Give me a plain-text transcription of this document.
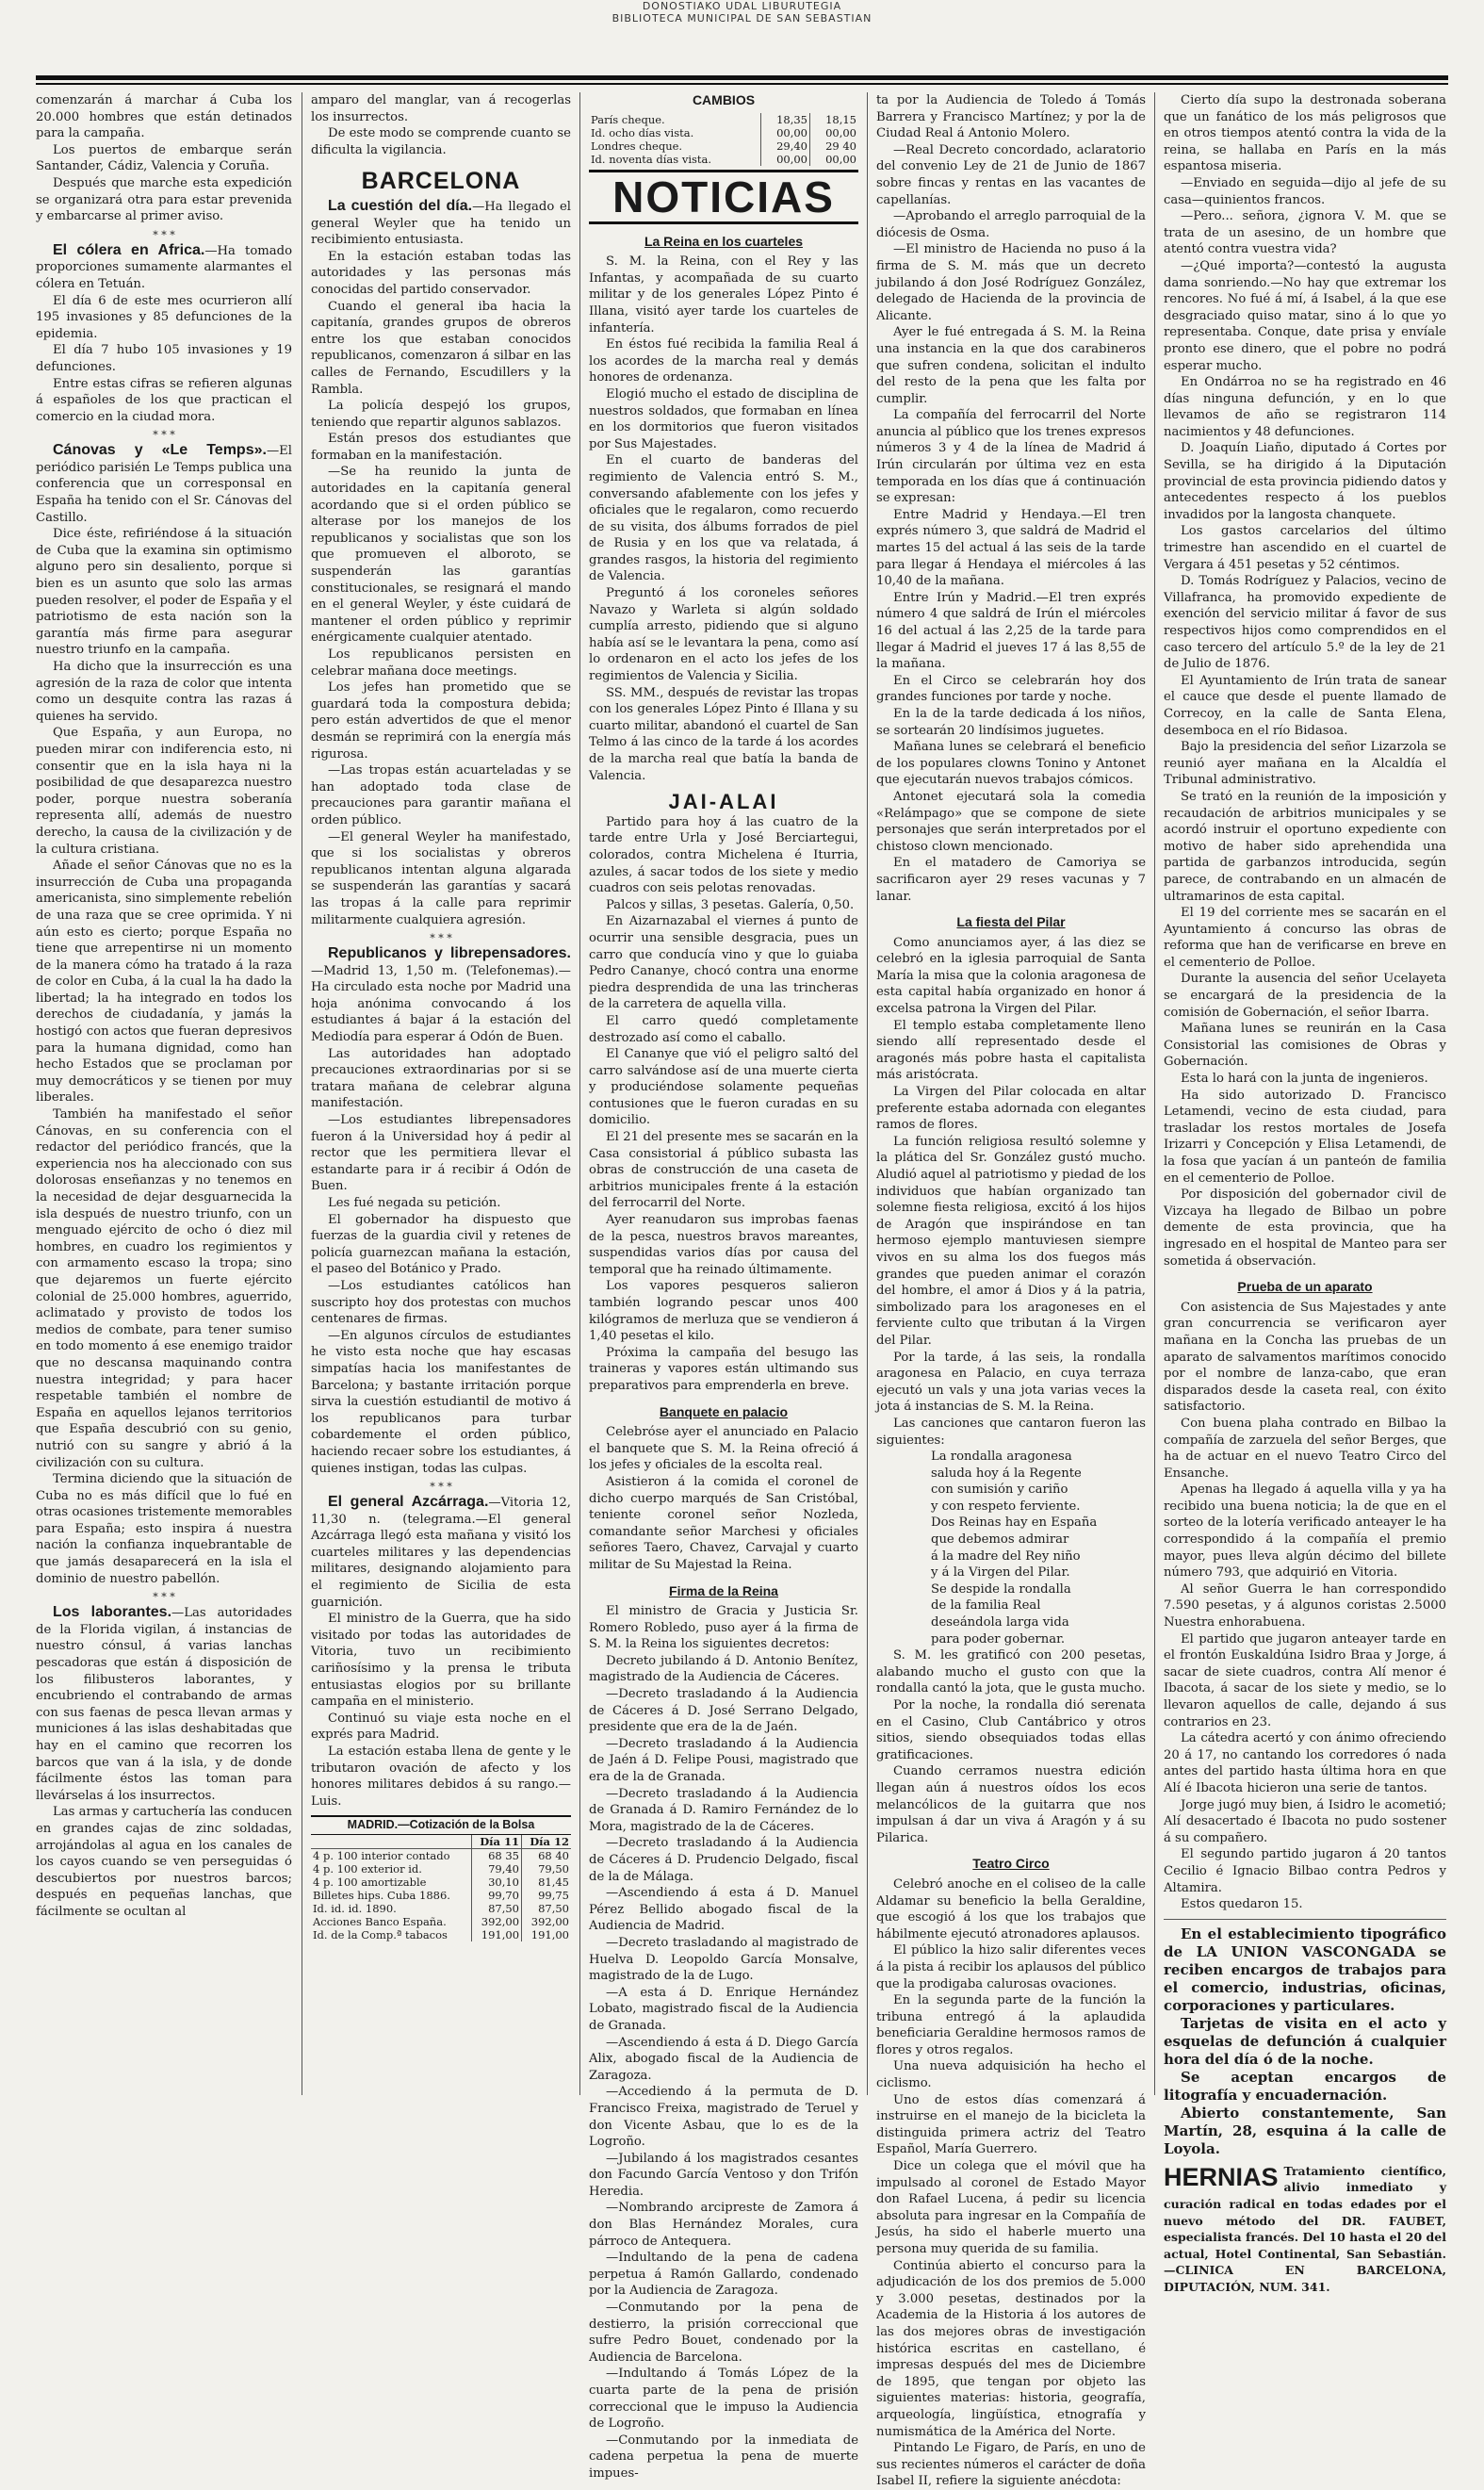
DONOSTIAKO UDAL LIBURUTEGIA
BIBLIOTECA MUNICIPAL DE SAN SEBASTIAN

comenzarán á marchar á Cuba los 20.000 hombres que están detinados para la campaña.

Los puertos de embarque serán Santander, Cádiz, Valencia y Coruña.

Después que marche esta expedición se organizará otra para estar prevenida y embarcarse al primer aviso.

* * *

El cólera en Africa.—Ha tomado proporciones sumamente alarmantes el cólera en Tetuán.

El día 6 de este mes ocurrieron allí 195 invasiones y 85 defunciones de la epidemia.

El día 7 hubo 105 invasiones y 19 defunciones.

Entre estas cifras se refieren algunas á españoles de los que practican el comercio en la ciudad mora.

* * *

Cánovas y «Le Temps».—El periódico parisién Le Temps publica una conferencia que un corresponsal en España ha tenido con el Sr. Cánovas del Castillo.

Dice éste, refiriéndose á la situación de Cuba que la examina sin optimismo alguno pero sin desaliento, porque si bien es un asunto que solo las armas pueden resolver, el poder de España y el patriotismo de esta nación son la garantía más firme para asegurar nuestro triunfo en la campaña.

Ha dicho que la insurrección es una agresión de la raza de color que intenta como un desquite contra las razas á quienes ha servido.

Que España, y aun Europa, no pueden mirar con indiferencia esto, ni consentir que en la isla haya ni la posibilidad de que desaparezca nuestro poder, porque nuestra soberanía representa allí, además de nuestro derecho, la causa de la civilización y de la cultura cristiana.

Añade el señor Cánovas que no es la insurrección de Cuba una propaganda americanista, sino simplemente rebelión de una raza que se cree oprimida. Y ni aún esto es cierto; porque España no tiene que arrepentirse ni un momento de la manera cómo ha tratado á la raza de color en Cuba, á la cual la ha dado la libertad; la ha integrado en todos los derechos de ciudadanía, y jamás la hostigó con actos que fueran depresivos para la humana dignidad, como han hecho Estados que se proclaman por muy democráticos y se tienen por muy liberales.

También ha manifestado el señor Cánovas, en su conferencia con el redactor del periódico francés, que la experiencia nos ha aleccionado con sus dolorosas enseñanzas y no tenemos en la necesidad de dejar desguarnecida la isla después de nuestro triunfo, con un menguado ejército de ocho ó diez mil hombres, en cuadro los regimientos y con armamento escaso la tropa; sino que dejaremos un fuerte ejército colonial de 25.000 hombres, aguerrido, aclimatado y provisto de todos los medios de combate, para tener sumiso en todo momento á ese enemigo traidor que no descansa maquinando contra nuestra integridad; y para hacer respetable también el nombre de España en aquellos lejanos territorios que España descubrió con su genio, nutrió con su sangre y abrió á la civilización con su cultura.

Termina diciendo que la situación de Cuba no es más difícil que lo fué en otras ocasiones tristemente memorables para España; esto inspira á nuestra nación la confianza inquebrantable de que jamás desaparecerá en la isla el dominio de nuestro pabellón.

* * *

Los laborantes.—Las autoridades de la Florida vigilan, á instancias de nuestro cónsul, á varias lanchas pescadoras que están á disposición de los filibusteros laborantes, y encubriendo el contrabando de armas con sus faenas de pesca llevan armas y municiones á las islas deshabitadas que hay en el camino que recorren los barcos que van á la isla, y de donde fácilmente éstos las toman para llevárselas á los insurrectos.

Las armas y cartuchería las conducen en grandes cajas de zinc soldadas, arrojándolas al agua en los canales de los cayos cuando se ven perseguidas ó descubiertos por nuestros barcos; después en pequeñas lanchas, que fácilmente se ocultan al

amparo del manglar, van á recogerlas los insurrectos.

De este modo se comprende cuanto se dificulta la vigilancia.

BARCELONA

La cuestión del día.—Ha llegado el general Weyler que ha tenido un recibimiento entusiasta.

En la estación estaban todas las autoridades y las personas más conocidas del partido conservador.

Cuando el general iba hacia la capitanía, grandes grupos de obreros entre los que estaban conocidos republicanos, comenzaron á silbar en las calles de Fernando, Escudillers y la Rambla.

La policía despejó los grupos, teniendo que repartir algunos sablazos.

Están presos dos estudiantes que formaban en la manifestación.

—Se ha reunido la junta de autoridades en la capitanía general acordando que si el orden público se alterase por los manejos de los republicanos y socialistas que son los que promueven el alboroto, se suspenderán las garantías constitucionales, se resignará el mando en el general Weyler, y éste cuidará de mantener el orden público y reprimir enérgicamente cualquier atentado.

Los republicanos persisten en celebrar mañana doce meetings.

Los jefes han prometido que se guardará toda la compostura debida; pero están advertidos de que el menor desmán se reprimirá con la energía más rigurosa.

—Las tropas están acuarteladas y se han adoptado toda clase de precauciones para garantir mañana el orden público.

—El general Weyler ha manifestado, que si los socialistas y obreros republicanos intentan alguna algarada se suspenderán las garantías y sacará las tropas á la calle para reprimir militarmente cualquiera agresión.

* * *

Republicanos y librepensadores.—Madrid 13, 1,50 m. (Telefonemas).—Ha circulado esta noche por Madrid una hoja anónima convocando á los estudiantes á bajar á la estación del Mediodía para esperar á Odón de Buen.

Las autoridades han adoptado precauciones extraordinarias por si se tratara mañana de celebrar alguna manifestación.

—Los estudiantes librepensadores fueron á la Universidad hoy á pedir al rector que les permitiera llevar el estandarte para ir á recibir á Odón de Buen.

Les fué negada su petición.

El gobernador ha dispuesto que fuerzas de la guardia civil y retenes de policía guarnezcan mañana la estación, el paseo del Botánico y Prado.

—Los estudiantes católicos han suscripto hoy dos protestas con muchos centenares de firmas.

—En algunos círculos de estudiantes he visto esta noche que hay escasas simpatías hacia los manifestantes de Barcelona; y bastante irritación porque sirva la cuestión estudiantil de motivo á los republicanos para turbar cobardemente el orden público, haciendo recaer sobre los estudiantes, á quienes instigan, todas las culpas.

* * *

El general Azcárraga.—Vitoria 12, 11,30 n. (telegrama.—El general Azcárraga llegó esta mañana y visitó los cuarteles militares y las dependencias militares, designando alojamiento para el regimiento de Sicilia de esta guarnición.

El ministro de la Guerra, que ha sido visitado por todas las autoridades de Vitoria, tuvo un recibimiento cariñosísimo y la prensa le tributa entusiastas elogios por su brillante campaña en el ministerio.

Continuó su viaje esta noche en el exprés para Madrid.

La estación estaba llena de gente y le tributaron ovación de afecto y los honores militares debidos á su rango.—Luis.

MADRID.—Cotización de la Bolsa
	Día 11	Día 12
4 p. 100 interior contado	68 35	68 40
4 p. 100 exterior id.	79,40	79,50
4 p. 100 amortizable	30,10	81,45
Billetes hips. Cuba 1886.	99,70	99,75
Id. id. id. 1890.	87,50	87,50
Acciones Banco España.	392,00	392,00
Id. de la Comp.ª tabacos	191,00	191,00
CAMBIOS
París cheque.	18,35	18,15
Id. ocho días vista.	00,00	00,00
Londres cheque.	29,40	29 40
Id. noventa días vista.	00,00	00,00
NOTICIAS
La Reina en los cuarteles

S. M. la Reina, con el Rey y las Infantas, y acompañada de su cuarto militar y de los generales López Pinto é Illana, visitó ayer tarde los cuarteles de infantería.

En éstos fué recibida la familia Real á los acordes de la marcha real y demás honores de ordenanza.

Elogió mucho el estado de disciplina de nuestros soldados, que formaban en línea en los dormitorios que fueron visitados por Sus Majestades.

En el cuarto de banderas del regimiento de Valencia entró S. M., conversando afablemente con los jefes y oficiales que le regalaron, como recuerdo de su visita, dos álbums forrados de piel de Rusia y en los que va relatada, á grandes rasgos, la historia del regimiento de Valencia.

Preguntó á los coroneles señores Navazo y Warleta si algún soldado cumplía arresto, pidiendo que si alguno había así se le levantara la pena, como así lo ordenaron en el acto los jefes de los regimientos de Valencia y Sicilia.

SS. MM., después de revistar las tropas con los generales López Pinto é Illana y su cuarto militar, abandonó el cuartel de San Telmo á las cinco de la tarde á los acordes de la marcha real que batía la banda de Valencia.

JAI-ALAI

Partido para hoy á las cuatro de la tarde entre Urla y José Berciartegui, colorados, contra Michelena é Iturria, azules, á sacar todos de los siete y medio cuadros con seis pelotas renovadas.

Palcos y sillas, 3 pesetas. Galería, 0,50.

En Aizarnazabal el viernes á punto de ocurrir una sensible desgracia, pues un carro que conducía vino y que lo guiaba Pedro Cananye, chocó contra una enorme piedra desprendida de una las trincheras de la carretera de aquella villa.

El carro quedó completamente destrozado así como el caballo.

El Cananye que vió el peligro saltó del carro salvándose así de una muerte cierta y produciéndose solamente pequeñas contusiones que le fueron curadas en su domicilio.

El 21 del presente mes se sacarán en la Casa consistorial á público subasta las obras de construcción de una caseta de arbitrios municipales frente á la estación del ferrocarril del Norte.

Ayer reanudaron sus improbas faenas de la pesca, nuestros bravos mareantes, suspendidas varios días por causa del temporal que ha reinado últimamente.

Los vapores pesqueros salieron también logrando pescar unos 400 kilógramos de merluza que se vendieron á 1,40 pesetas el kilo.

Próxima la campaña del besugo las traineras y vapores están ultimando sus preparativos para emprenderla en breve.

Banquete en palacio

Celebróse ayer el anunciado en Palacio el banquete que S. M. la Reina ofreció á los jefes y oficiales de la escolta real.

Asistieron á la comida el coronel de dicho cuerpo marqués de San Cristóbal, teniente coronel señor Nozleda, comandante señor Marchesi y oficiales señores Taero, Chavez, Carvajal y cuarto militar de Su Majestad la Reina.

Firma de la Reina

El ministro de Gracia y Justicia Sr. Romero Robledo, puso ayer á la firma de S. M. la Reina los siguientes decretos:

Decreto jubilando á D. Antonio Benítez, magistrado de la Audiencia de Cáceres.

—Decreto trasladando á la Audiencia de Cáceres á D. José Serrano Delgado, presidente que era de la de Jaén.

—Decreto trasladando á la Audiencia de Jaén á D. Felipe Pousi, magistrado que era de la de Granada.

—Decreto trasladando á la Audiencia de Granada á D. Ramiro Fernández de lo Mora, magistrado de la de Cáceres.

—Decreto trasladando á la Audiencia de Cáceres á D. Prudencio Delgado, fiscal de la de Málaga.

—Ascendiendo á esta á D. Manuel Pérez Bellido abogado fiscal de la Audiencia de Madrid.

—Decreto trasladando al magistrado de Huelva D. Leopoldo García Monsalve, magistrado de la de Lugo.

—A esta á D. Enrique Hernández Lobato, magistrado fiscal de la Audiencia de Granada.

—Ascendiendo á esta á D. Diego García Alix, abogado fiscal de la Audiencia de Zaragoza.

—Accediendo á la permuta de D. Francisco Freixa, magistrado de Teruel y don Vicente Asbau, que lo es de la Logroño.

—Jubilando á los magistrados cesantes don Facundo García Ventoso y don Trifón Heredia.

—Nombrando arcipreste de Zamora á don Blas Hernández Morales, cura párroco de Antequera.

—Indultando de la pena de cadena perpetua á Ramón Gallardo, condenado por la Audiencia de Zaragoza.

—Conmutando por la pena de destierro, la prisión correccional que sufre Pedro Bouet, condenado por la Audiencia de Barcelona.

—Indultando á Tomás López de la cuarta parte de la pena de prisión correccional que le impuso la Audiencia de Logroño.

—Conmutando por la inmediata de cadena perpetua la pena de muerte impues-

ta por la Audiencia de Toledo á Tomás Barrera y Francisco Martínez; y por la de Ciudad Real á Antonio Molero.

—Real Decreto concordado, aclaratorio del convenio Ley de 21 de Junio de 1867 sobre fincas y rentas en las vacantes de capellanías.

—Aprobando el arreglo parroquial de la diócesis de Osma.

—El ministro de Hacienda no puso á la firma de S. M. más que un decreto jubilando á don José Rodríguez González, delegado de Hacienda de la provincia de Alicante.

Ayer le fué entregada á S. M. la Reina una instancia en la que dos carabineros que sufren condena, solicitan el indulto del resto de la pena que les falta por cumplir.

La compañía del ferrocarril del Norte anuncia al público que los trenes expresos números 3 y 4 de la línea de Madrid á Irún circularán por última vez en esta temporada en los días que á continuación se expresan:

Entre Madrid y Hendaya.—El tren exprés número 3, que saldrá de Madrid el martes 15 del actual á las seis de la tarde para llegar á Hendaya el miércoles á las 10,40 de la mañana.

Entre Irún y Madrid.—El tren exprés número 4 que saldrá de Irún el miércoles 16 del actual á las 2,25 de la tarde para llegar á Madrid el jueves 17 á las 8,55 de la mañana.

En el Circo se celebrarán hoy dos grandes funciones por tarde y noche.

En la de la tarde dedicada á los niños, se sortearán 20 lindísimos juguetes.

Mañana lunes se celebrará el beneficio de los populares clowns Tonino y Antonet que ejecutarán nuevos trabajos cómicos.

Antonet ejecutará sola la comedia «Relámpago» que se compone de siete personajes que serán interpretados por el chistoso clown mencionado.

En el matadero de Camoriya se sacrificaron ayer 29 reses vacunas y 7 lanar.

La fiesta del Pilar

Como anunciamos ayer, á las diez se celebró en la iglesia parroquial de Santa María la misa que la colonia aragonesa de esta capital había organizado en honor á excelsa patrona la Virgen del Pilar.

El templo estaba completamente lleno siendo allí representado desde el aragonés más pobre hasta el capitalista más aristócrata.

La Virgen del Pilar colocada en altar preferente estaba adornada con elegantes ramos de flores.

La función religiosa resultó solemne y la plática del Sr. González gustó mucho. Aludió aquel al patriotismo y piedad de los individuos que habían organizado tan solemne fiesta religiosa, excitó á los hijos de Aragón que inspirándose en tan hermoso ejemplo mantuviesen siempre vivos en su alma los dos fuegos más grandes que pueden animar el corazón del hombre, el amor á Dios y á la patria, simbolizado para los aragoneses en el ferviente culto que tributan á la Virgen del Pilar.

Por la tarde, á las seis, la rondalla aragonesa en Palacio, en cuya terraza ejecutó un vals y una jota varias veces la jota á instancias de S. M. la Reina.

Las canciones que cantaron fueron las siguientes:

La rondalla aragonesa

saluda hoy á la Regente

con sumisión y cariño

y con respeto ferviente.

Dos Reinas hay en España

que debemos admirar

á la madre del Rey niño

y á la Virgen del Pilar.

Se despide la rondalla

de la familia Real

deseándola larga vida

para poder gobernar.

S. M. les gratificó con 200 pesetas, alabando mucho el gusto con que la rondalla cantó la jota, que le gusta mucho.

Por la noche, la rondalla dió serenata en el Casino, Club Cantábrico y otros sitios, siendo obsequiados todas ellas gratificaciones.

Cuando cerramos nuestra edición llegan aún á nuestros oídos los ecos melancólicos de la guitarra que nos impulsan á dar un viva á Aragón y á su Pilarica.

Teatro Circo

Celebró anoche en el coliseo de la calle Aldamar su beneficio la bella Geraldine, que escogió á los que los trabajos que hábilmente ejecutó atronadores aplausos.

El público la hizo salir diferentes veces á la pista á recibir los aplausos del público que la prodigaba calurosas ovaciones.

En la segunda parte de la función la tribuna entregó á la aplaudida beneficiaria Geraldine hermosos ramos de flores y otros regalos.

Una nueva adquisición ha hecho el ciclismo.

Uno de estos días comenzará á instruirse en el manejo de la bicicleta la distinguida primera actriz del Teatro Español, María Guerrero.

Dice un colega que el móvil que ha impulsado al coronel de Estado Mayor don Rafael Lucena, á pedir su licencia absoluta para ingresar en la Compañía de Jesús, ha sido el haberle muerto una persona muy querida de su familia.

Continúa abierto el concurso para la adjudicación de los dos premios de 5.000 y 3.000 pesetas, destinados por la Academia de la Historia á los autores de las dos mejores obras de investigación histórica escritas en castellano, é impresas después del mes de Diciembre de 1895, que tengan por objeto las siguientes materias: historia, geografía, arqueología, lingüística, etnografía y numismática de la América del Norte.

Pintando Le Figaro, de París, en uno de sus recientes números el carácter de doña Isabel II, refiere la siguiente anécdota:

Cierto día supo la destronada soberana que un fanático de los más peligrosos que en otros tiempos atentó contra la vida de la reina, se hallaba en París en la más espantosa miseria.

—Enviado en seguida—dijo al jefe de su casa—quinientos francos.

—Pero... señora, ¿ignora V. M. que se trata de un asesino, de un hombre que atentó contra vuestra vida?

—¿Qué importa?—contestó la augusta dama sonriendo.—No hay que extremar los rencores. No fué á mí, á Isabel, á la que ese desgraciado quiso matar, sino á lo que yo representaba. Conque, date prisa y envíale pronto ese dinero, que el pobre no podrá esperar mucho.

En Ondárroa no se ha registrado en 46 días ninguna defunción, y en lo que llevamos de año se registraron 114 nacimientos y 48 defunciones.

D. Joaquín Liaño, diputado á Cortes por Sevilla, se ha dirigido á la Diputación provincial de esta provincia pidiendo datos y antecedentes respecto á los pueblos invadidos por la langosta chanquete.

Los gastos carcelarios del último trimestre han ascendido en el cuartel de Vergara á 451 pesetas y 52 céntimos.

D. Tomás Rodríguez y Palacios, vecino de Villafranca, ha promovido expediente de exención del servicio militar á favor de sus respectivos hijos como comprendidos en el caso tercero del artículo 5.º de la ley de 21 de Julio de 1876.

El Ayuntamiento de Irún trata de sanear el cauce que desde el puente llamado de Correcoy, en la calle de Santa Elena, desemboca en el río Bidasoa.

Bajo la presidencia del señor Lizarzola se reunió ayer mañana en la Alcaldía el Tribunal administrativo.

Se trató en la reunión de la imposición y recaudación de arbitrios municipales y se acordó instruir el oportuno expediente con motivo de haber sido aprehendida una partida de garbanzos introducida, según parece, de contrabando en un almacén de ultramarinos de esta capital.

El 19 del corriente mes se sacarán en el Ayuntamiento á concurso las obras de reforma que han de verificarse en breve en el cementerio de Polloe.

Durante la ausencia del señor Ucelayeta se encargará de la presidencia de la comisión de Gobernación, el señor Ibarra.

Mañana lunes se reunirán en la Casa Consistorial las comisiones de Obras y Gobernación.

Esta lo hará con la junta de ingenieros.

Ha sido autorizado D. Francisco Letamendi, vecino de esta ciudad, para trasladar los restos mortales de Josefa Irizarri y Concepción y Elisa Letamendi, de la fosa que yacían á un panteón de familia en el cementerio de Polloe.

Por disposición del gobernador civil de Vizcaya ha llegado de Bilbao un pobre demente de esta provincia, que ha ingresado en el hospital de Manteo para ser sometida á observación.

Prueba de un aparato

Con asistencia de Sus Majestades y ante gran concurrencia se verificaron ayer mañana en la Concha las pruebas de un aparato de salvamentos marítimos conocido por el nombre de lanza-cabo, que eran disparados desde la caseta real, con éxito satisfactorio.

Con buena plaha contrado en Bilbao la compañía de zarzuela del señor Berges, que ha de actuar en el nuevo Teatro Circo del Ensanche.

Apenas ha llegado á aquella villa y ya ha recibido una buena noticia; la de que en el sorteo de la lotería verificado anteayer le ha correspondido á la compañía el premio mayor, pues lleva algún décimo del billete número 793, que adquirió en Vitoria.

Al señor Guerra le han correspondido 7.590 pesetas, y á algunos coristas 2.5000 Nuestra enhorabuena.

El partido que jugaron anteayer tarde en el frontón Euskaldúna Isidro Braa y Jorge, á sacar de siete cuadros, contra Alí menor é Ibacota, á sacar de los siete y medio, se lo llevaron aquellos de calle, dejando á sus contrarios en 23.

La cátedra acertó y con ánimo ofreciendo 20 á 17, no cantando los corredores ó nada antes del partido hasta última hora en que Alí é Ibacota hicieron una serie de tantos.

Jorge jugó muy bien, á Isidro le acometió; Alí desacertado é Ibacota no pudo sostener á su compañero.

El segundo partido jugaron á 20 tantos Cecilio é Ignacio Bilbao contra Pedros y Altamira.

Estos quedaron 15.

En el establecimiento tipográfico de LA UNION VASCONGADA se reciben encargos de trabajos para el comercio, industrias, oficinas, corporaciones y particulares.

Tarjetas de visita en el acto y esquelas de defunción á cualquier hora del día ó de la noche.

Se aceptan encargos de litografía y encuadernación.

Abierto constantemente, San Martín, 28, esquina á la calle de Loyola.

HERNIAS Tratamiento científico, alivio inmediato y curación radical en todas edades por el nuevo método del DR. FAUBET, especialista francés. Del 10 hasta el 20 del actual, Hotel Continental, San Sebastián.—CLINICA EN BARCELONA, DIPUTACIÓN, NUM. 341.
